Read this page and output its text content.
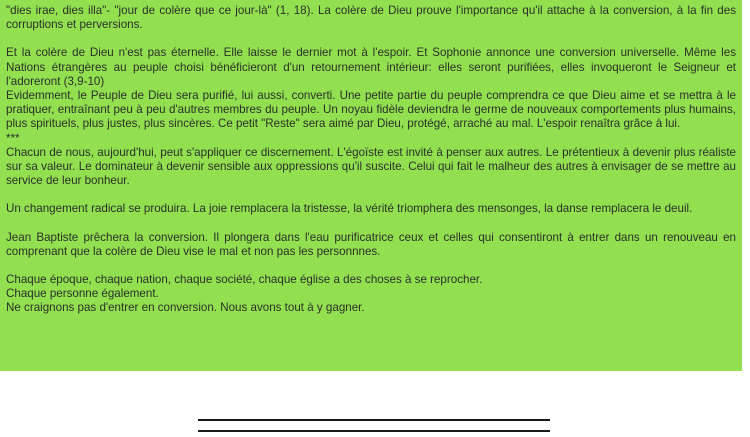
"dies irae, dies illa"- "jour de colère que ce jour-là" (1, 18). La colère de Dieu prouve l'importance qu'il attache à la conversion, à la fin des corruptions et perversions.

Et la colère de Dieu n'est pas éternelle. Elle laisse le dernier mot à l'espoir. Et Sophonie annonce une conversion universelle. Même les Nations étrangères au peuple choisi bénéficieront d'un retournement intérieur: elles seront purifiées, elles invoqueront le Seigneur et l'adoreront (3,9-10)

Evidemment, le Peuple de Dieu sera purifié, lui aussi, converti. Une petite partie du peuple comprendra ce que Dieu aime et se mettra à le pratiquer, entraînant peu à peu d'autres membres du peuple. Un noyau fidèle deviendra le germe de nouveaux comportements plus humains, plus spirituels, plus justes, plus sincères. Ce petit "Reste" sera aimé par Dieu, protégé, arraché au mal. L'espoir renaîtra grâce à lui.

***

Chacun de nous, aujourd'hui, peut s'appliquer ce discernement. L'égoïste est invité à penser aux autres. Le prétentieux à devenir plus réaliste sur sa valeur. Le dominateur à devenir sensible aux oppressions qu'il suscite. Celui qui fait le malheur des autres à envisager de se mettre au service de leur bonheur.

Un changement radical se produira. La joie remplacera la tristesse, la vérité triomphera des mensonges, la danse remplacera le deuil.

Jean Baptiste prêchera la conversion. Il plongera dans l'eau purificatrice ceux et celles qui consentiront à entrer dans un renouveau en comprenant que la colère de Dieu vise le mal et non pas les personnnes.

Chaque époque, chaque nation, chaque société, chaque église a des choses à se reprocher.

Chaque personne également.

Ne craignons pas d'entrer en conversion. Nous avons tout à y gagner.
